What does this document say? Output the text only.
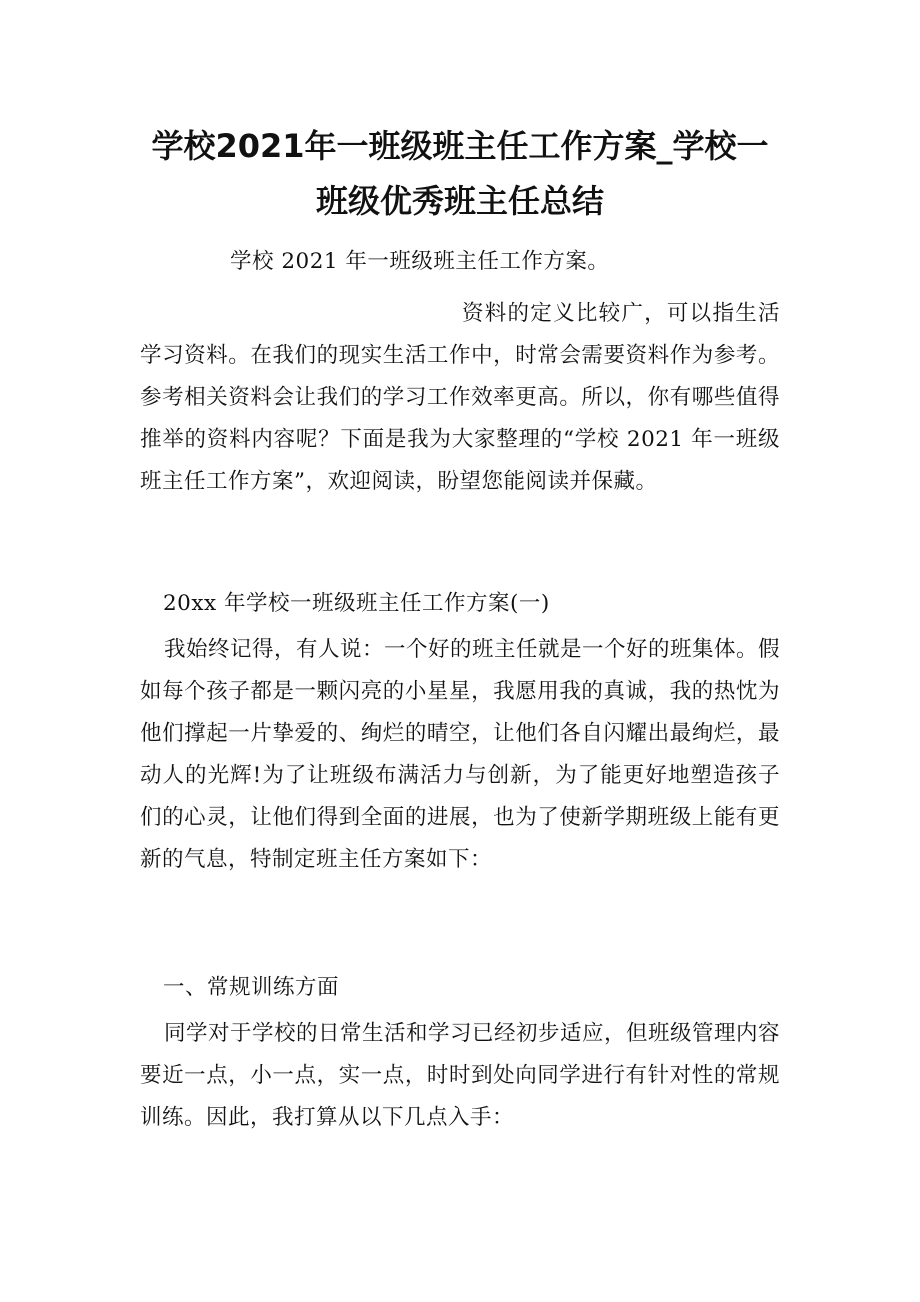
学校2021年一班级班主任工作方案_学校一
班级优秀班主任总结

学校 2021 年一班级班主任工作方案。

资料的定义比较广，可以指生活学习资料。在我们的现实生活工作中，时常会需要资料作为参考。参考相关资料会让我们的学习工作效率更高。所以，你有哪些值得推举的资料内容呢？下面是我为大家整理的“学校 2021 年一班级班主任工作方案”，欢迎阅读，盼望您能阅读并保藏。

20xx 年学校一班级班主任工作方案(一)

我始终记得，有人说：一个好的班主任就是一个好的班集体。假如每个孩子都是一颗闪亮的小星星，我愿用我的真诚，我的热忱为他们撑起一片挚爱的、绚烂的晴空，让他们各自闪耀出最绚烂，最动人的光辉!为了让班级布满活力与创新，为了能更好地塑造孩子们的心灵，让他们得到全面的进展，也为了使新学期班级上能有更新的气息，特制定班主任方案如下：

一、常规训练方面

同学对于学校的日常生活和学习已经初步适应，但班级管理内容要近一点，小一点，实一点，时时到处向同学进行有针对性的常规训练。因此，我打算从以下几点入手：
